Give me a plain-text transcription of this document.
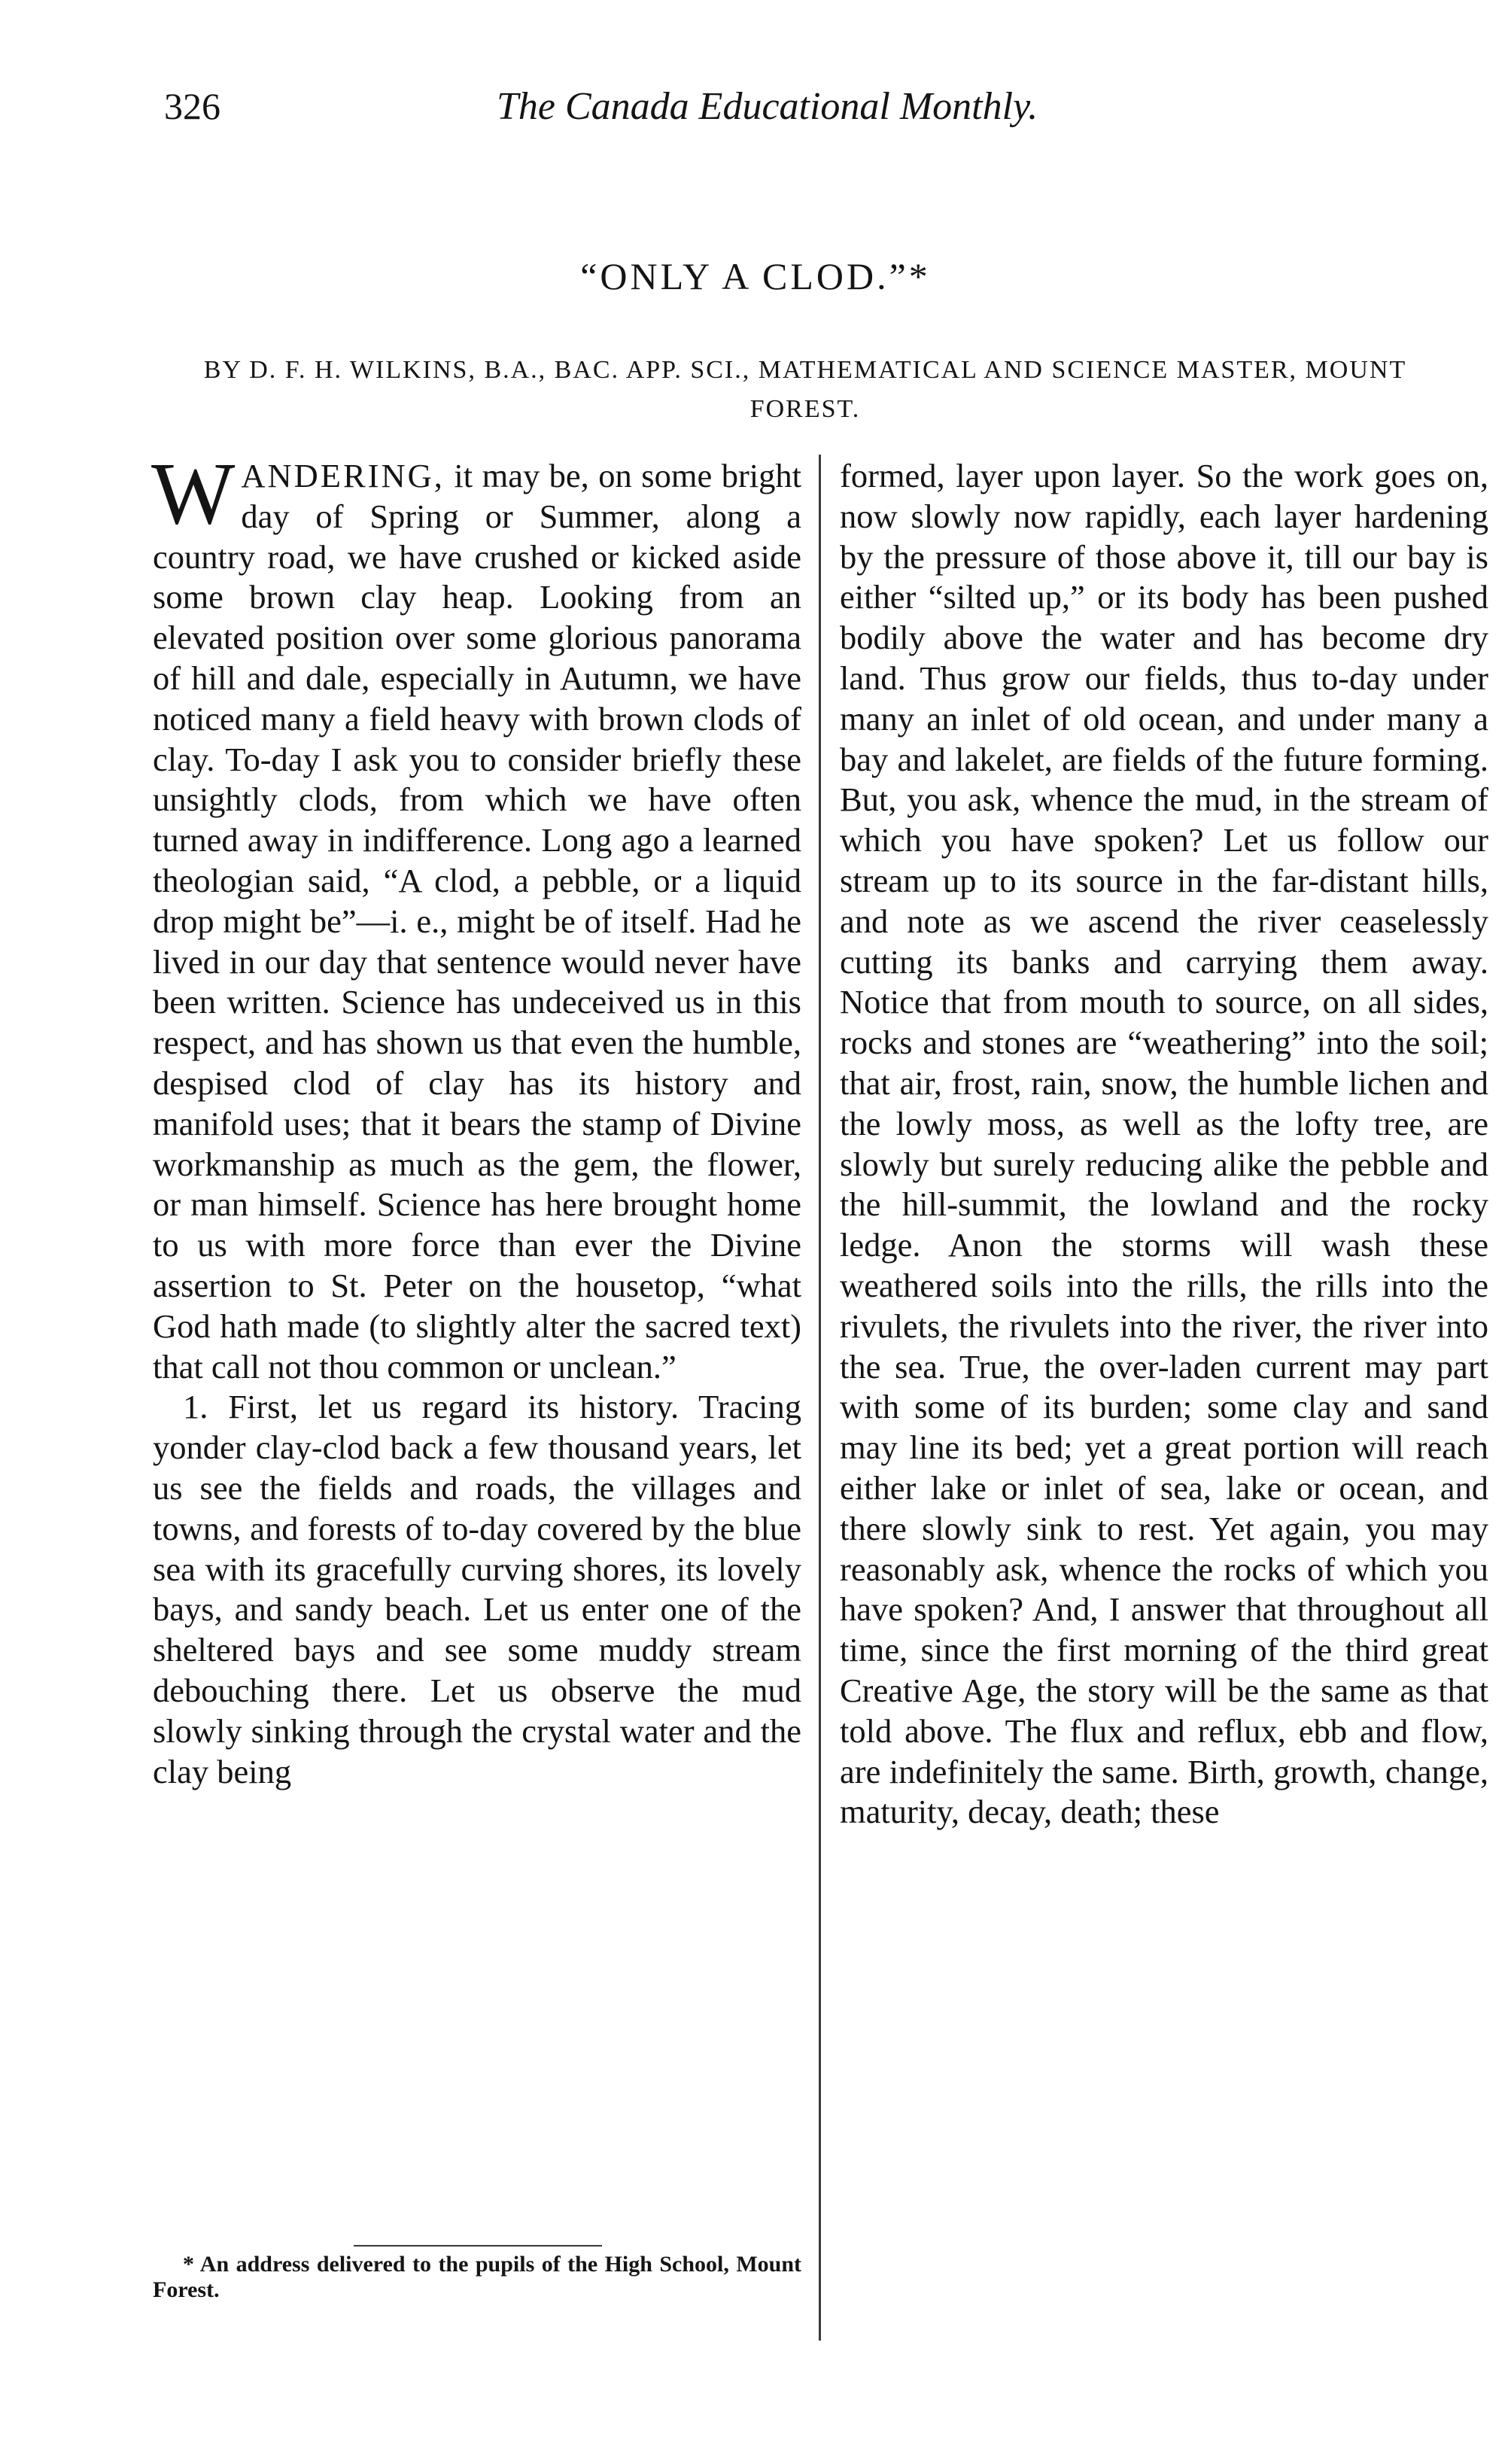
326	The Canada Educational Monthly.
“ONLY A CLOD.”*
BY D. F. H. WILKINS, B.A., BAC. APP. SCI., MATHEMATICAL AND SCIENCE MASTER, MOUNT FOREST.

WANDERING, it may be, on some bright day of Spring or Summer, along a country road, we have crushed or kicked aside some brown clay heap. Looking from an elevated position over some glorious panorama of hill and dale, especially in Autumn, we have noticed many a field heavy with brown clods of clay. To-day I ask you to consider briefly these unsightly clods, from which we have often turned away in indifference. Long ago a learned theologian said, “A clod, a pebble, or a liquid drop might be”—i. e., might be of itself. Had he lived in our day that sentence would never have been written. Science has undeceived us in this respect, and has shown us that even the humble, despised clod of clay has its history and manifold uses; that it bears the stamp of Divine workmanship as much as the gem, the flower, or man himself. Science has here brought home to us with more force than ever the Divine assertion to St. Peter on the housetop, “what God hath made (to slightly alter the sacred text) that call not thou common or unclean.”

1. First, let us regard its history. Tracing yonder clay-clod back a few thousand years, let us see the fields and roads, the villages and towns, and forests of to-day covered by the blue sea with its gracefully curving shores, its lovely bays, and sandy beach. Let us enter one of the sheltered bays and see some muddy stream debouching there. Let us observe the mud slowly sinking through the crystal water and the clay being

formed, layer upon layer. So the work goes on, now slowly now rapidly, each layer hardening by the pressure of those above it, till our bay is either “silted up,” or its body has been pushed bodily above the water and has become dry land. Thus grow our fields, thus to-day under many an inlet of old ocean, and under many a bay and lakelet, are fields of the future forming. But, you ask, whence the mud, in the stream of which you have spoken? Let us follow our stream up to its source in the far-distant hills, and note as we ascend the river ceaselessly cutting its banks and carrying them away. Notice that from mouth to source, on all sides, rocks and stones are “weathering” into the soil; that air, frost, rain, snow, the humble lichen and the lowly moss, as well as the lofty tree, are slowly but surely reducing alike the pebble and the hill-summit, the lowland and the rocky ledge. Anon the storms will wash these weathered soils into the rills, the rills into the rivulets, the rivulets into the river, the river into the sea. True, the over-laden current may part with some of its burden; some clay and sand may line its bed; yet a great portion will reach either lake or inlet of sea, lake or ocean, and there slowly sink to rest. Yet again, you may reasonably ask, whence the rocks of which you have spoken? And, I answer that throughout all time, since the first morning of the third great Creative Age, the story will be the same as that told above. The flux and reflux, ebb and flow, are indefinitely the same. Birth, growth, change, maturity, decay, death; these

* An address delivered to the pupils of the High School, Mount Forest.
